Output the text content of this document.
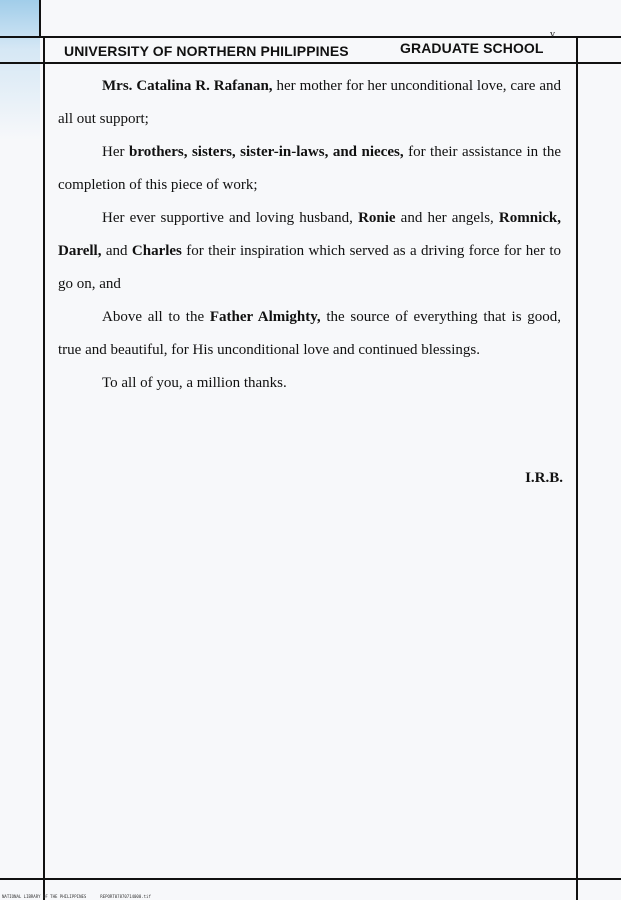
v
UNIVERSITY OF NORTHERN PHILIPPINES	GRADUATE SCHOOL

Mrs. Catalina R. Rafanan, her mother for her unconditional love, care and all out support;

Her brothers, sisters, sister-in-laws, and nieces, for their assistance in the completion of this piece of work;

Her ever supportive and loving husband, Ronie and her angels, Romnick, Darell, and Charles for their inspiration which served as a driving force for her to go on, and

Above all to the Father Almighty, the source of everything that is good, true and beautiful, for His unconditional love and continued blessings.

To all of you, a million thanks.

I.R.B.
NATIONAL LIBRARY OF THE PHILIPPINES	REPORT07870714000.tif
